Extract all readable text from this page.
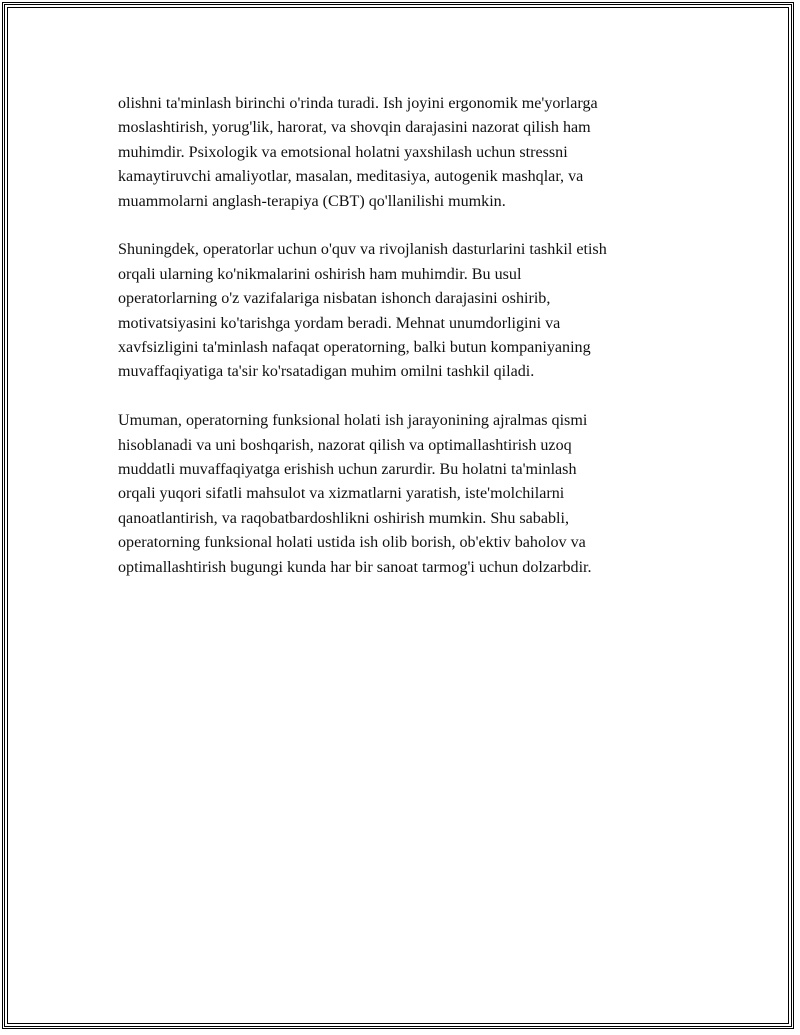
olishni ta'minlash birinchi o'rinda turadi. Ish joyini ergonomik me'yorlarga
moslashtirish, yorug'lik, harorat, va shovqin darajasini nazorat qilish ham
muhimdir. Psixologik va emotsional holatni yaxshilash uchun stressni
kamaytiruvchi amaliyotlar, masalan, meditasiya, autogenik mashqlar, va
muammolarni anglash-terapiya (CBT) qo'llanilishi mumkin.
Shuningdek, operatorlar uchun o'quv va rivojlanish dasturlarini tashkil etish
orqali ularning ko'nikmalarini oshirish ham muhimdir. Bu usul
operatorlarning o'z vazifalariga nisbatan ishonch darajasini oshirib,
motivatsiyasini ko'tarishga yordam beradi. Mehnat unumdorligini va
xavfsizligini ta'minlash nafaqat operatorning, balki butun kompaniyaning
muvaffaqiyatiga ta'sir ko'rsatadigan muhim omilni tashkil qiladi.
Umuman, operatorning funksional holati ish jarayonining ajralmas qismi
hisoblanadi va uni boshqarish, nazorat qilish va optimallashtirish uzoq
muddatli muvaffaqiyatga erishish uchun zarurdir. Bu holatni ta'minlash
orqali yuqori sifatli mahsulot va xizmatlarni yaratish, iste'molchilarni
qanoatlantirish, va raqobatbardoshlikni oshirish mumkin. Shu sababli,
operatorning funksional holati ustida ish olib borish, ob'ektiv baholov va
optimallashtirish bugungi kunda har bir sanoat tarmog'i uchun dolzarbdir.
